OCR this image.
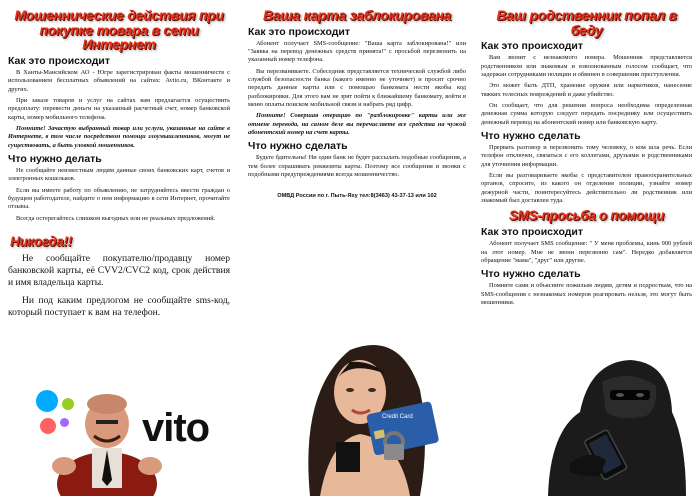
Мошеннические действия при покупке товара в сети Интернет
Как это происходит

В Ханты-Мансийском АО - Югре зарегистрирован факты мошенничеств с использованием бесплатных объявлений на сайтах: Avito.ru, ВКонтакте и других.

При заказе товаров и услуг на сайтах вам предлагается осуществить предоплату: перевести деньги на указанный расчетный счет, номер банковской карты, номер мобильного телефона.

Помните! Зачастую выбранный товар или услуги, указанные на сайте в Интернете, в том числе посредством помощи злоумышленников, могут не существовать, а быть уловкой мошенников.

Что нужно делать

Не сообщайте неизвестным людям данные своих банковских карт, счетов и электронных кошельков.

Если вы имеете работу по объявлению, не затрудняйтесь ввести граждан о будущем работодателе, найдите о нем информацию в сети Интернет, прочитайте отзывы.

Всегда остерегайтесь слишком выгодных или не реальных предложений.

Никогда!!

Не сообщайте покупателю/продавцу номер банковской карты, её CVV2/CVC2 код, срок действия и имя владельца карты.

Ни под каким предлогом не сообщайте sms-код, который поступает к вам на телефон.

vito
Ваша карта заблокирована
Как это происходит

Абонент получает SMS-сообщение: "Ваша карта заблокирована!" или "Заявка на перевод денежных средств принята!" с просьбой перезвонить на указанный номер телефона.

Вы перезваниваете. Собеседник представляется технической службой либо службой безопасности банка (какого именно не уточняет) и просит срочно передать данные карты или с помощью банкомата нести якобы код разблокировки. Для этого вам не зрят пойти к ближайшему банкомату, войти в меню оплаты поиском мобильной связи и набрать ряд цифр.

Помните! Совершая операцию по "разблокировке" карты или же отмене перевода, на самом деле вы перечисляете все средства на чужой абонентский номер на счет карты.

Что нужно сделать

Будьте бдительны! Ни один банк не будет рассылать подобные сообщения, а тем более спрашивать реквизиты карты. Поэтому все сообщения и звонки с подобными предупреждениями всегда мошенничество.

ОМВД России по г. Пыть-Яху тел:8(3463) 43-37-13 или 102
Credit Card
Ваш родственник попал в беду
Как это происходит

Вам звонит с незнакомого номера. Мошенник представляется родственником или знакомым и взволнованным голосом сообщает, что задержан сотрудниками полиции и обвинен в совершении преступления.

Это может быть ДТП, хранение оружия или наркотиков, нанесение тяжких телесных повреждений и даже убийство.

Он сообщает, что для решения вопроса необходима определенная денежная сумма которую следует передать посреднику или осуществить денежный перевод на абонентский номер или банковскую карту.

Что нужно сделать

Прервать разговор и перезвонить тому человеку, о ком шла речь. Если телефон отключен, связаться с его коллегами, друзьями и родственниками для уточнения информации.

Если вы разговариваете якобы с представителем правоохранительных органов, спросите, из какого он отделения полиции, узнайте номер дежурной части, поинтересуйтесь действительно ли родственник или знакомый был доставлен туда.

SMS-просьба о помощи
Как это происходит

Абонент получает SMS сообщение: " У меня проблемы, кинь 900 рублей на этот номер. Мне не звони перезвоню сам". Нередко добавляется обращение "мама", "друг" или другие.

Что нужно сделать

Помните сами и объясните пожилым людям, детям и подросткам, что на SMS-сообщения с незнакомых номеров реагировать нельзя, это могут быть мошенники.
